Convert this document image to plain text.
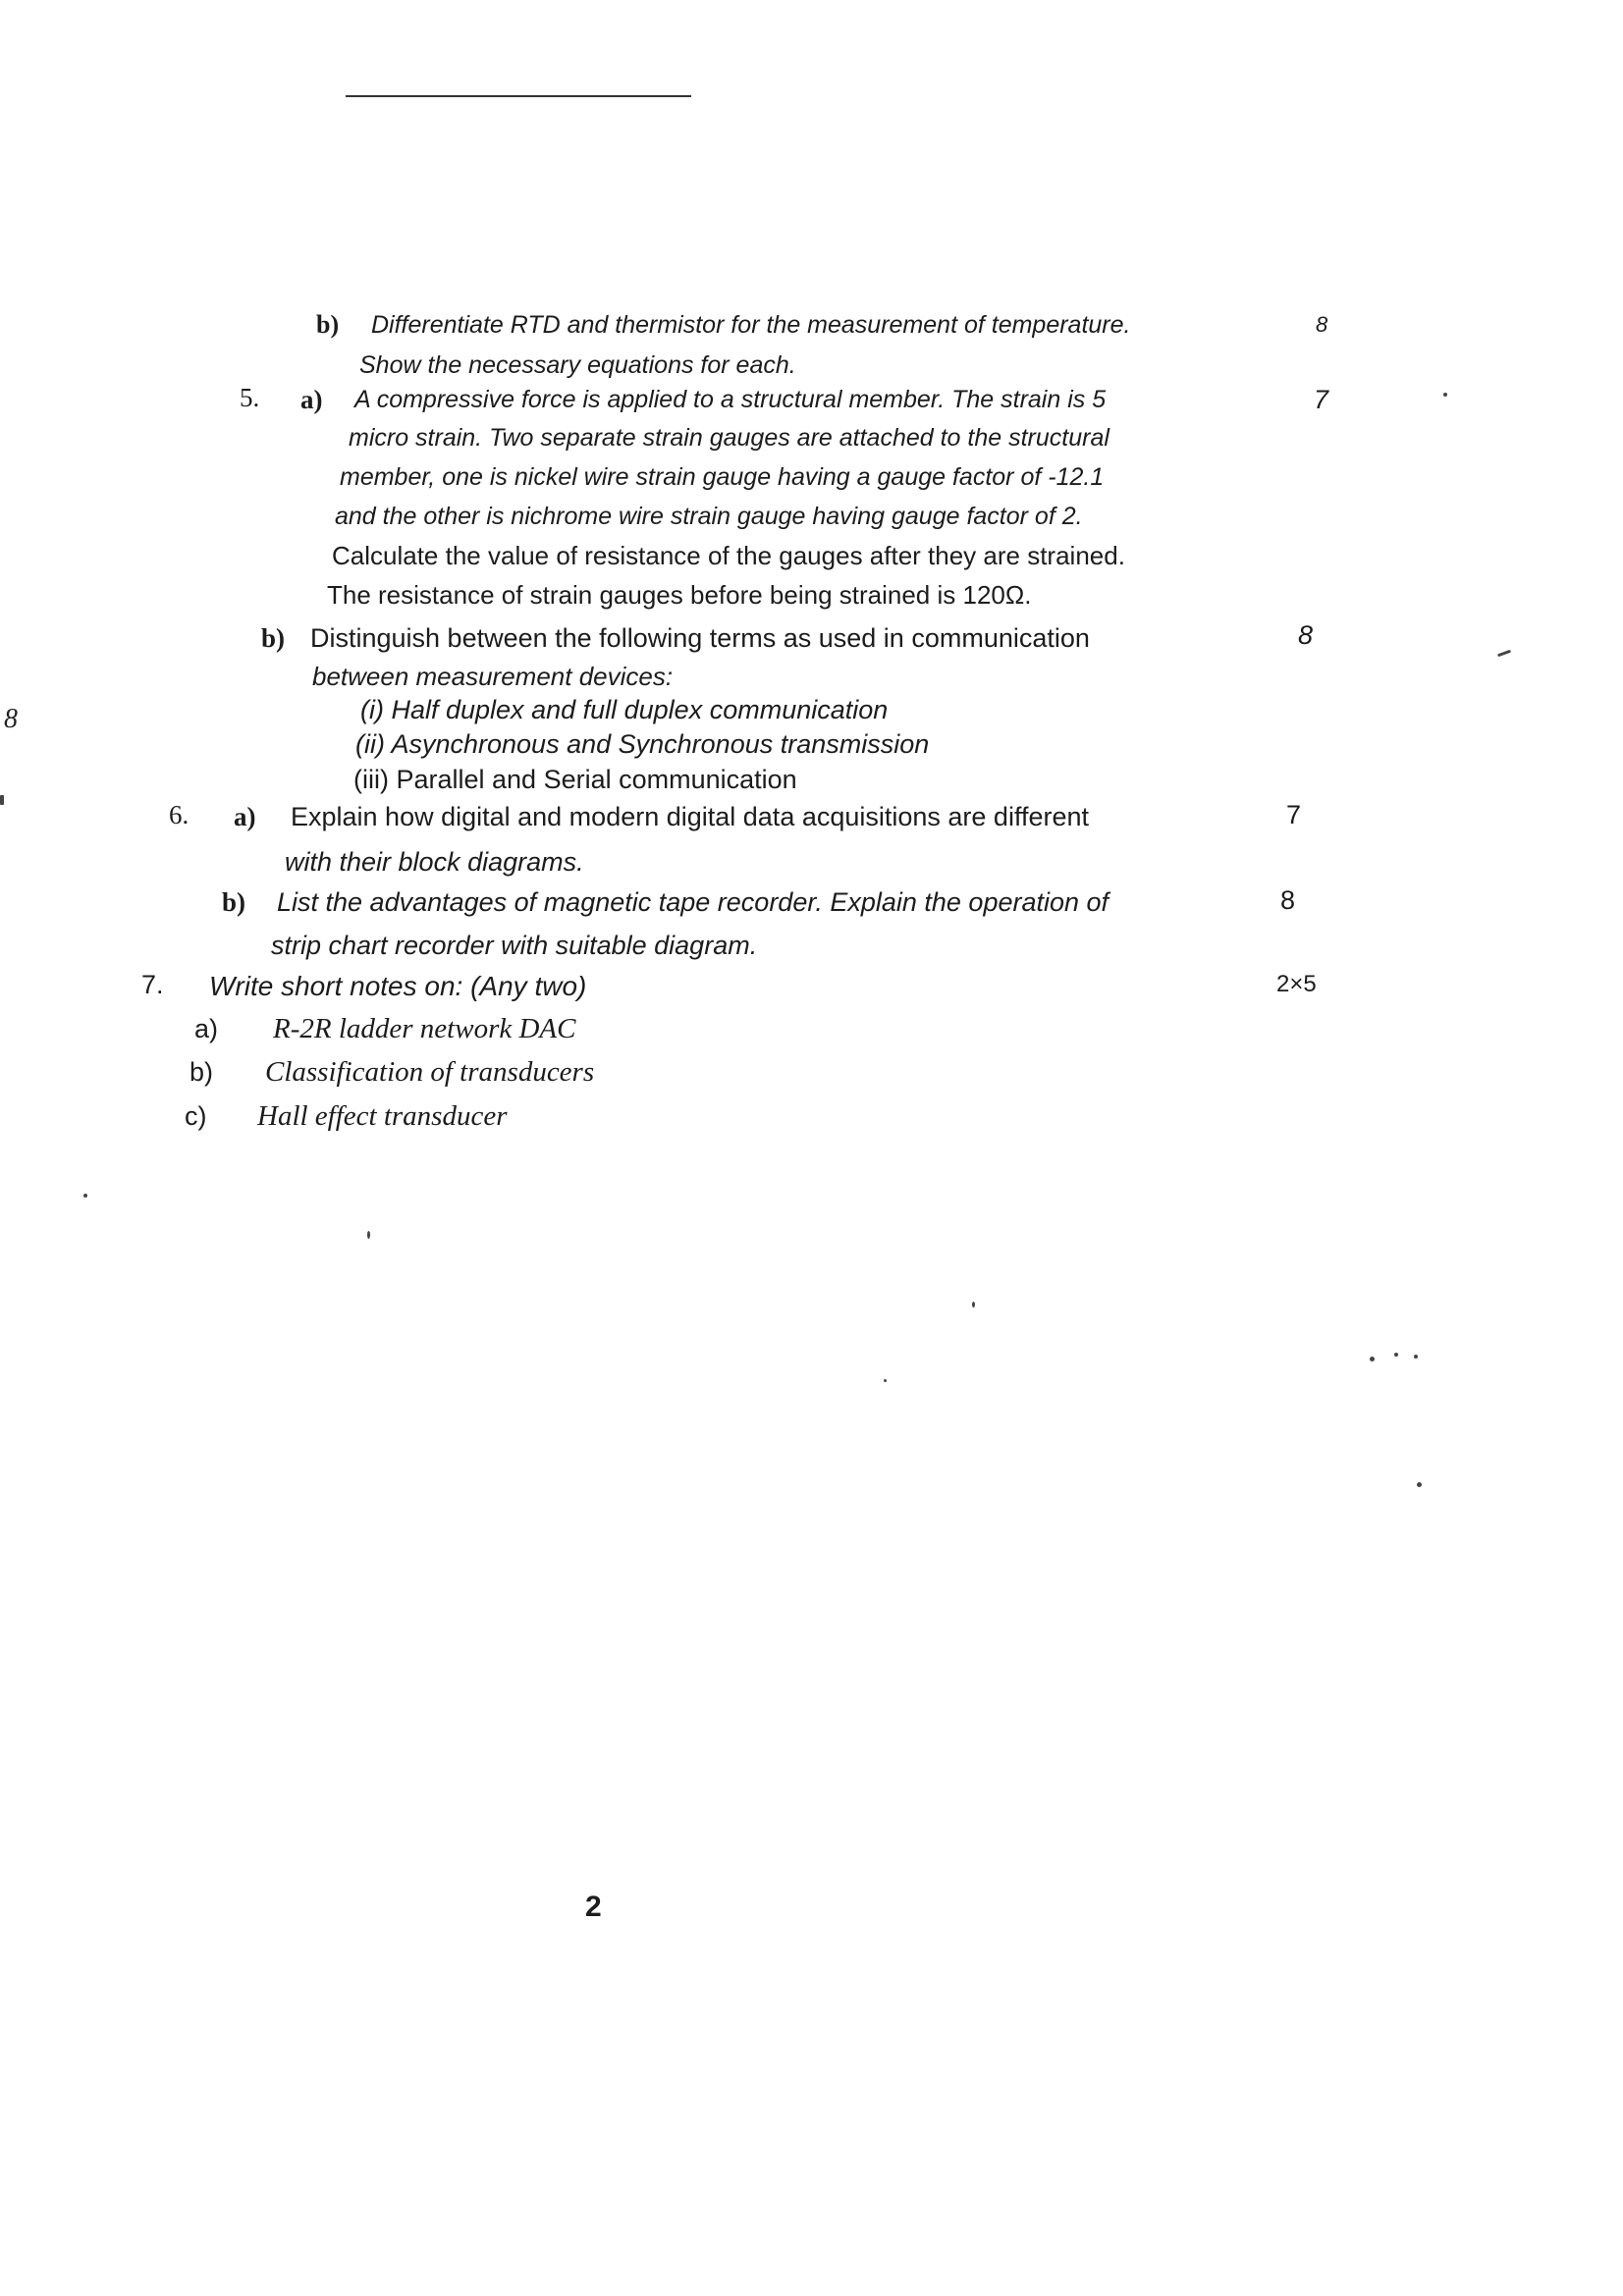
b) Differentiate RTD and thermistor for the measurement of temperature.
Show the necessary equations for each.
8
5. a) A compressive force is applied to a structural member. The strain is 5
micro strain. Two separate strain gauges are attached to the structural
member, one is nickel wire strain gauge having a gauge factor of -12.1
and the other is nichrome wire strain gauge having gauge factor of 2.
Calculate the value of resistance of the gauges after they are strained.
The resistance of strain gauges before being strained is 120Ω.
7
b) Distinguish between the following terms as used in communication
between measurement devices:
(i) Half duplex and full duplex communication
(ii) Asynchronous and Synchronous transmission
(iii) Parallel and Serial communication
8
6. a) Explain how digital and modern digital data acquisitions are different
with their block diagrams.
7
b) List the advantages of magnetic tape recorder. Explain the operation of
strip chart recorder with suitable diagram.
8
7. Write short notes on: (Any two)	2×5
a) R-2R ladder network DAC
b) Classification of transducers
c) Hall effect transducer
8
2
